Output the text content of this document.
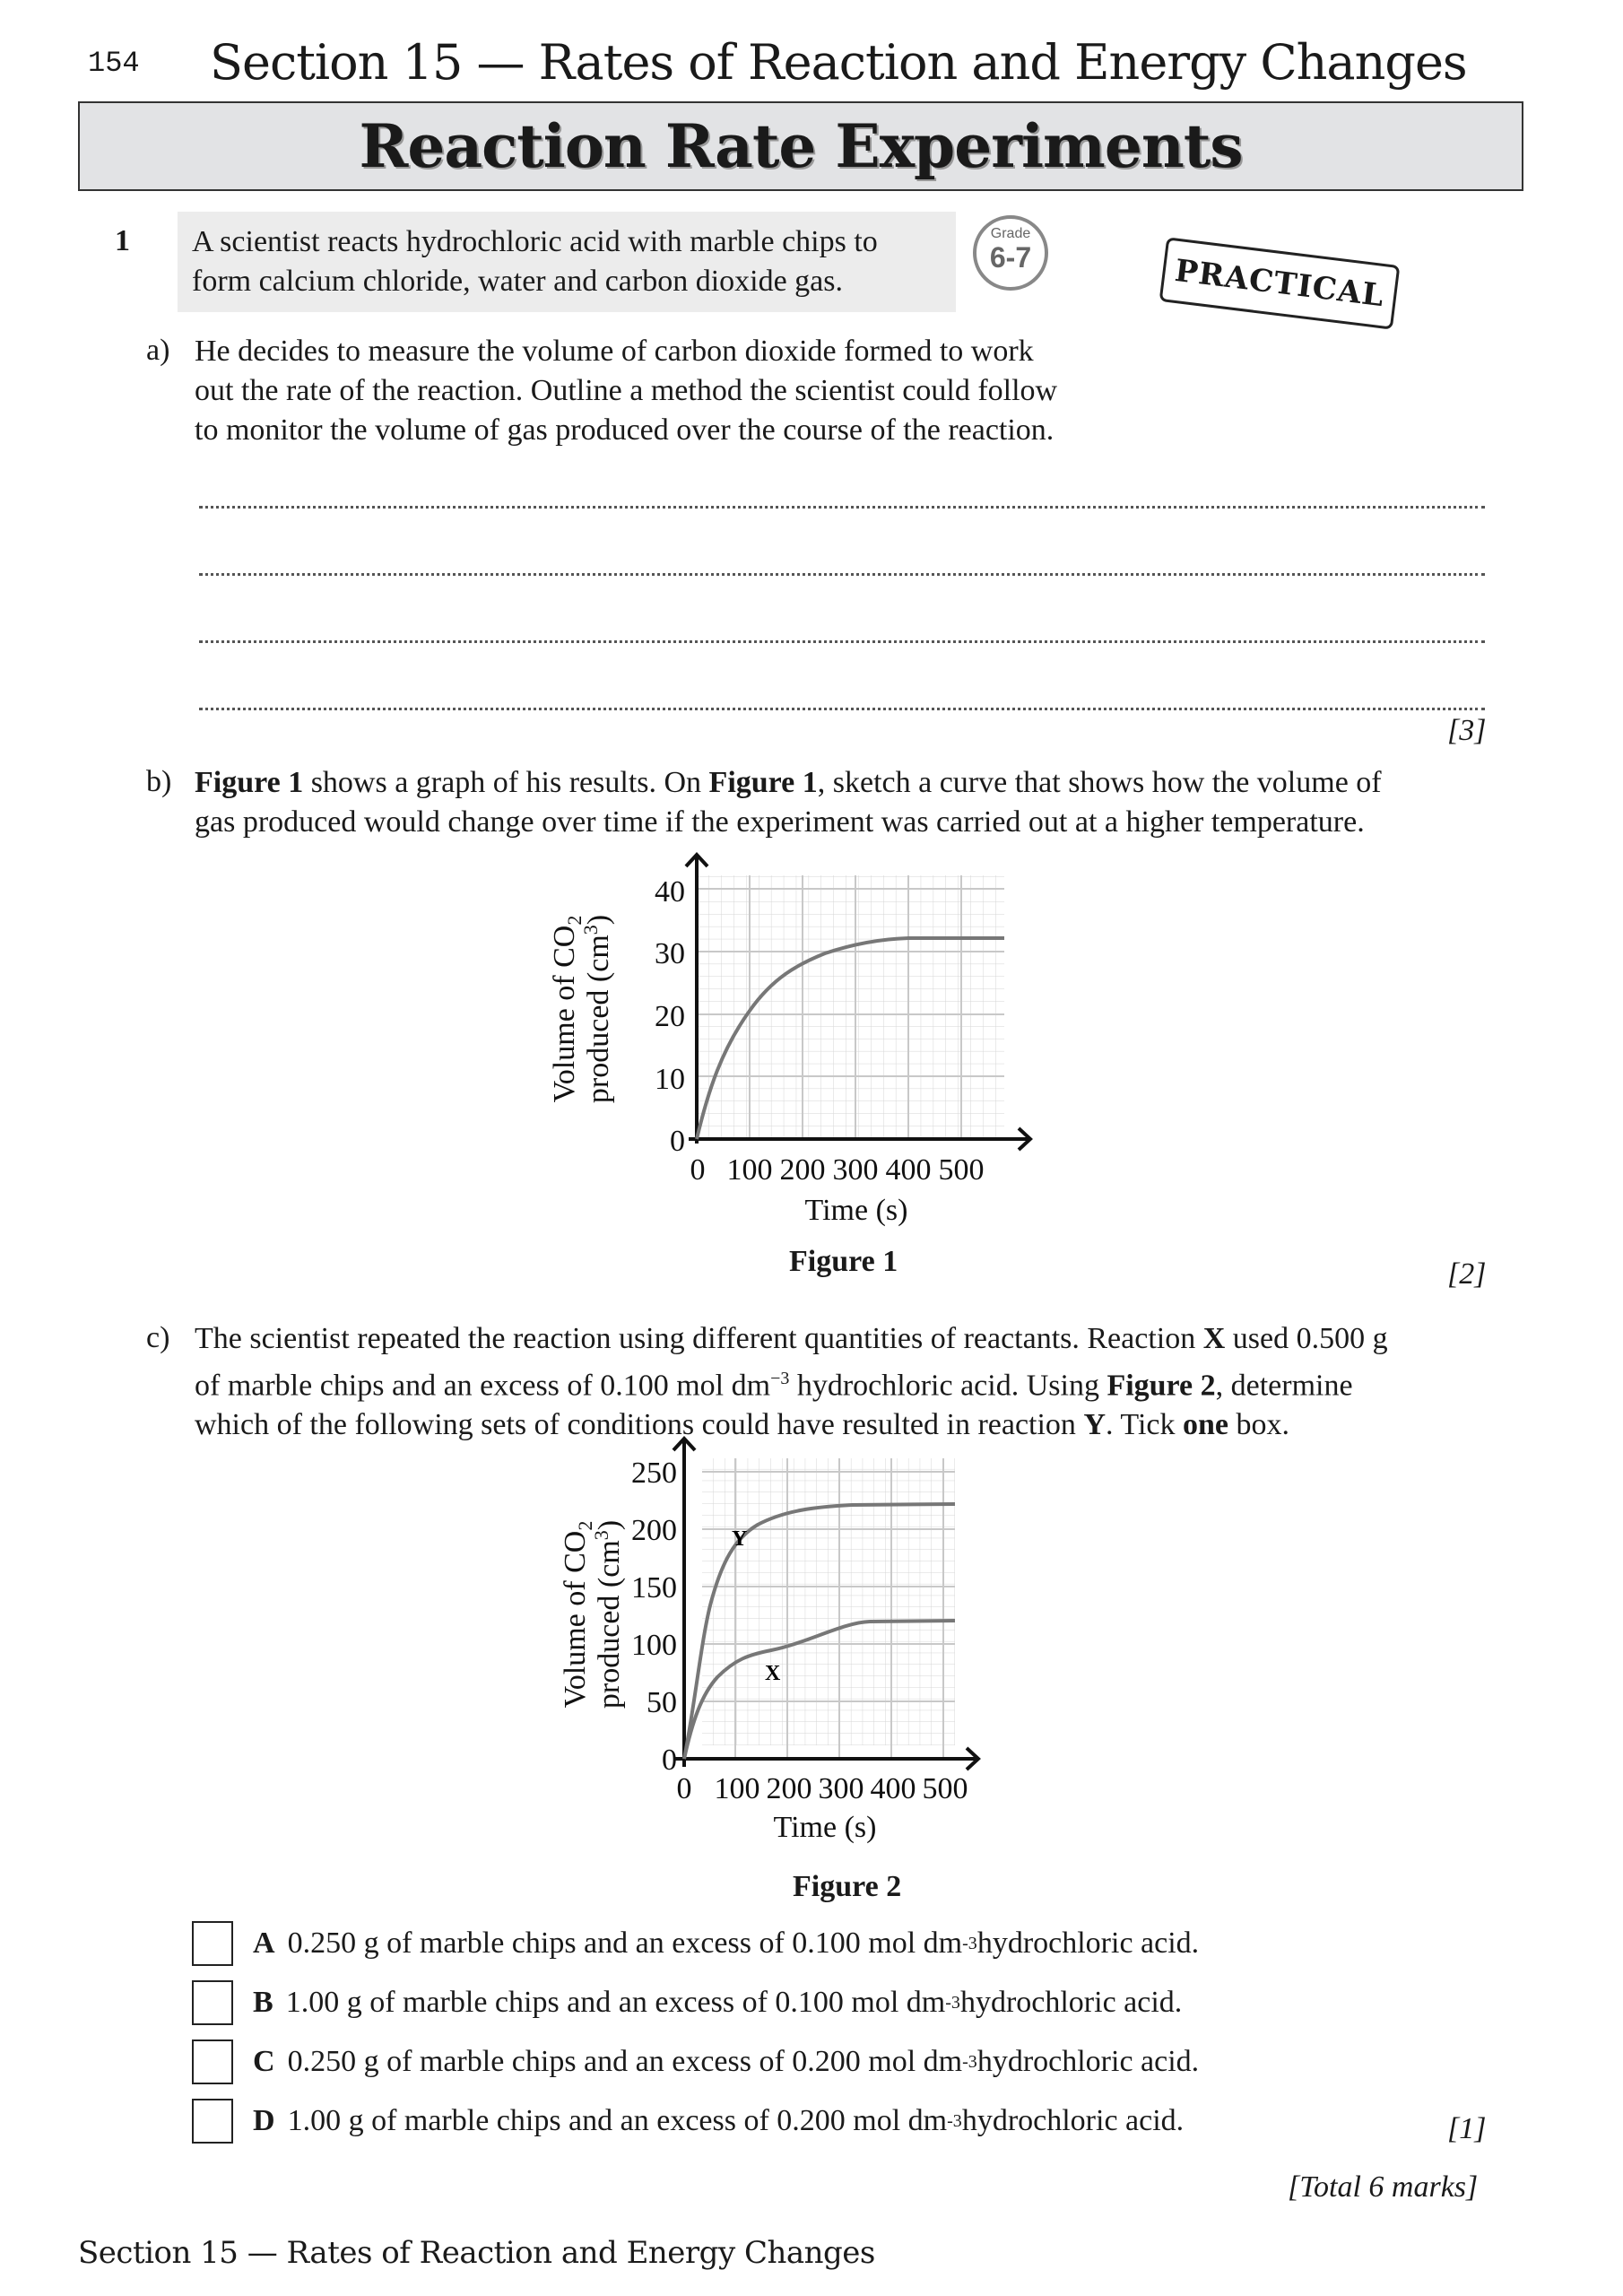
154 Section 15 — Rates of Reaction and Energy Changes
Reaction Rate Experiments
1 A scientist reacts hydrochloric acid with marble chips to
form calcium chloride, water and carbon dioxide gas.
Grade
6-7	PRACTICAL
a) He decides to measure the volume of carbon dioxide formed to work
out the rate of the reaction. Outline a method the scientist could follow
to monitor the volume of gas produced over the course of the reaction.
[3]
b) Figure 1 shows a graph of his results. On Figure 1, sketch a curve that shows how the volume of
gas produced would change over time if the experiment was carried out at a higher temperature.
40
30
20
10
0
0 100 200 300 400 500
Time (s)
Volume of $CO_2$
produced $(cm^3)$
Figure 1	[2]
c) The scientist repeated the reaction using different quantities of reactants. Reaction X used 0.500 g
of marble chips and an excess of 0.100 mol $dm^{-3}$ hydrochloric acid. Using Figure 2, determine
which of the following sets of conditions could have resulted in reaction Y. Tick one box.
Y
X
250
200
150
100
50
0
0 100 200 300 400 500
Time (s)
Volume of $CO_2$
produced $(cm^3)$
Figure 2
A 0.250 g of marble chips and an excess of 0.100 mol dm -3 hydrochloric acid.
B 1.00 g of marble chips and an excess of 0.100 mol dm -3 hydrochloric acid.
C 0.250 g of marble chips and an excess of 0.200 mol dm -3 hydrochloric acid.
D 1.00 g of marble chips and an excess of 0.200 mol dm -3 hydrochloric acid.	[1]
[Total 6 marks]
Section 15 — Rates of Reaction and Energy Changes
